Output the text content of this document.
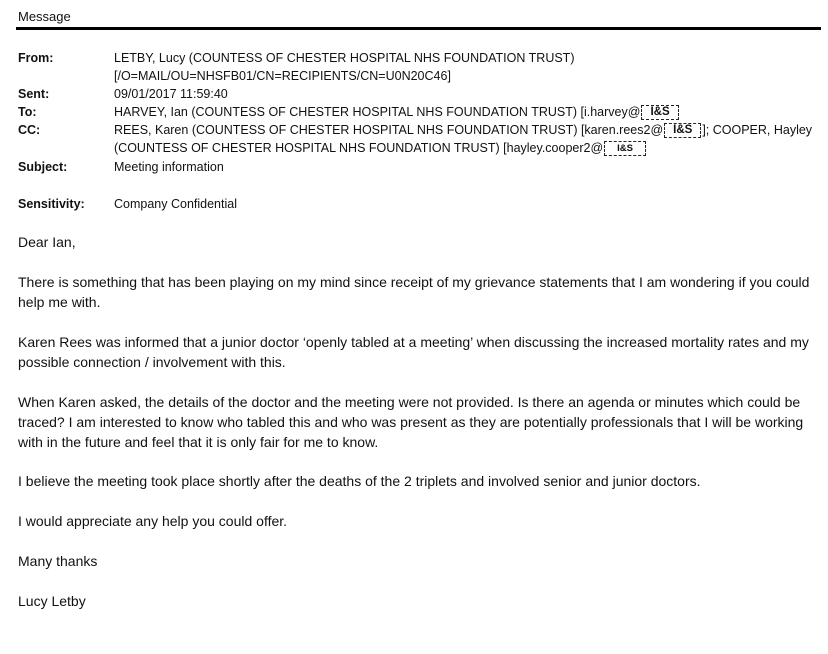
Message
From:	LETBY, Lucy (COUNTESS OF CHESTER HOSPITAL NHS FOUNDATION TRUST)
[/O=MAIL/OU=NHSFB01/CN=RECIPIENTS/CN=U0N20C46]
Sent:	09/01/2017 11:59:40
To:	HARVEY, Ian (COUNTESS OF CHESTER HOSPITAL NHS FOUNDATION TRUST) [i.harvey@ I&S
CC:	REES, Karen (COUNTESS OF CHESTER HOSPITAL NHS FOUNDATION TRUST) [karen.rees2@ I&S ]; COOPER, Hayley
(COUNTESS OF CHESTER HOSPITAL NHS FOUNDATION TRUST) [hayley.cooper2@ I&S
Subject:	Meeting information
Sensitivity:	Company Confidential
Dear Ian,
There is something that has been playing on my mind since receipt of my grievance statements that I am wondering if you could help me with.
Karen Rees was informed that a junior doctor ‘openly tabled at a meeting’ when discussing the increased mortality rates and my possible connection / involvement with this.
When Karen asked, the details of the doctor and the meeting were not provided. Is there an agenda or minutes which could be traced? I am interested to know who tabled this and who was present as they are potentially professionals that I will be working with in the future and feel that it is only fair for me to know.
I believe the meeting took place shortly after the deaths of the 2 triplets and involved senior and junior doctors.
I would appreciate any help you could offer.
Many thanks
Lucy Letby
